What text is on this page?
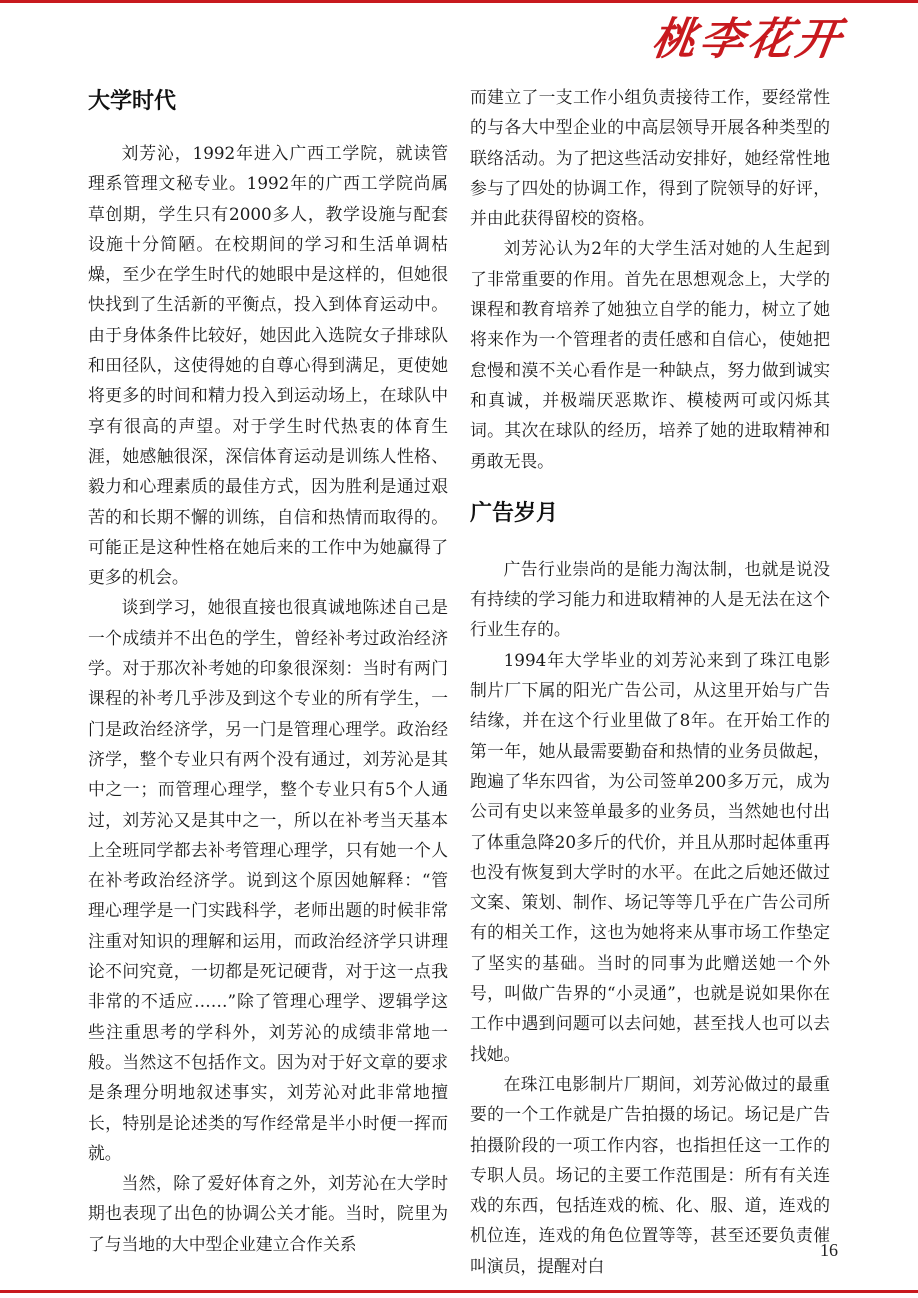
桃李花开
大学时代

刘芳沁，1992年进入广西工学院，就读管理系管理文秘专业。1992年的广西工学院尚属草创期，学生只有2000多人，教学设施与配套设施十分简陋。在校期间的学习和生活单调枯燥，至少在学生时代的她眼中是这样的，但她很快找到了生活新的平衡点，投入到体育运动中。由于身体条件比较好，她因此入选院女子排球队和田径队，这使得她的自尊心得到满足，更使她将更多的时间和精力投入到运动场上，在球队中享有很高的声望。对于学生时代热衷的体育生涯，她感触很深，深信体育运动是训练人性格、毅力和心理素质的最佳方式，因为胜利是通过艰苦的和长期不懈的训练，自信和热情而取得的。可能正是这种性格在她后来的工作中为她赢得了更多的机会。

谈到学习，她很直接也很真诚地陈述自己是一个成绩并不出色的学生，曾经补考过政治经济学。对于那次补考她的印象很深刻：当时有两门课程的补考几乎涉及到这个专业的所有学生，一门是政治经济学，另一门是管理心理学。政治经济学，整个专业只有两个没有通过，刘芳沁是其中之一；而管理心理学，整个专业只有5个人通过，刘芳沁又是其中之一，所以在补考当天基本上全班同学都去补考管理心理学，只有她一个人在补考政治经济学。说到这个原因她解释：“管理心理学是一门实践科学，老师出题的时候非常注重对知识的理解和运用，而政治经济学只讲理论不问究竟，一切都是死记硬背，对于这一点我非常的不适应……”除了管理心理学、逻辑学这些注重思考的学科外，刘芳沁的成绩非常地一般。当然这不包括作文。因为对于好文章的要求是条理分明地叙述事实，刘芳沁对此非常地擅长，特别是论述类的写作经常是半小时便一挥而就。

当然，除了爱好体育之外，刘芳沁在大学时期也表现了出色的协调公关才能。当时，院里为了与当地的大中型企业建立合作关系

而建立了一支工作小组负责接待工作，要经常性的与各大中型企业的中高层领导开展各种类型的联络活动。为了把这些活动安排好，她经常性地参与了四处的协调工作，得到了院领导的好评，并由此获得留校的资格。

刘芳沁认为2年的大学生活对她的人生起到了非常重要的作用。首先在思想观念上，大学的课程和教育培养了她独立自学的能力，树立了她将来作为一个管理者的责任感和自信心，使她把怠慢和漠不关心看作是一种缺点，努力做到诚实和真诚，并极端厌恶欺诈、模棱两可或闪烁其词。其次在球队的经历，培养了她的进取精神和勇敢无畏。

广告岁月

广告行业崇尚的是能力淘汰制，也就是说没有持续的学习能力和进取精神的人是无法在这个行业生存的。

1994年大学毕业的刘芳沁来到了珠江电影制片厂下属的阳光广告公司，从这里开始与广告结缘，并在这个行业里做了8年。在开始工作的第一年，她从最需要勤奋和热情的业务员做起，跑遍了华东四省，为公司签单200多万元，成为公司有史以来签单最多的业务员，当然她也付出了体重急降20多斤的代价，并且从那时起体重再也没有恢复到大学时的水平。在此之后她还做过文案、策划、制作、场记等等几乎在广告公司所有的相关工作，这也为她将来从事市场工作垫定了坚实的基础。当时的同事为此赠送她一个外号，叫做广告界的“小灵通”，也就是说如果你在工作中遇到问题可以去问她，甚至找人也可以去找她。

在珠江电影制片厂期间，刘芳沁做过的最重要的一个工作就是广告拍摄的场记。场记是广告拍摄阶段的一项工作内容，也指担任这一工作的专职人员。场记的主要工作范围是：所有有关连戏的东西，包括连戏的梳、化、服、道，连戏的机位连，连戏的角色位置等等，甚至还要负责催叫演员，提醒对白

16
